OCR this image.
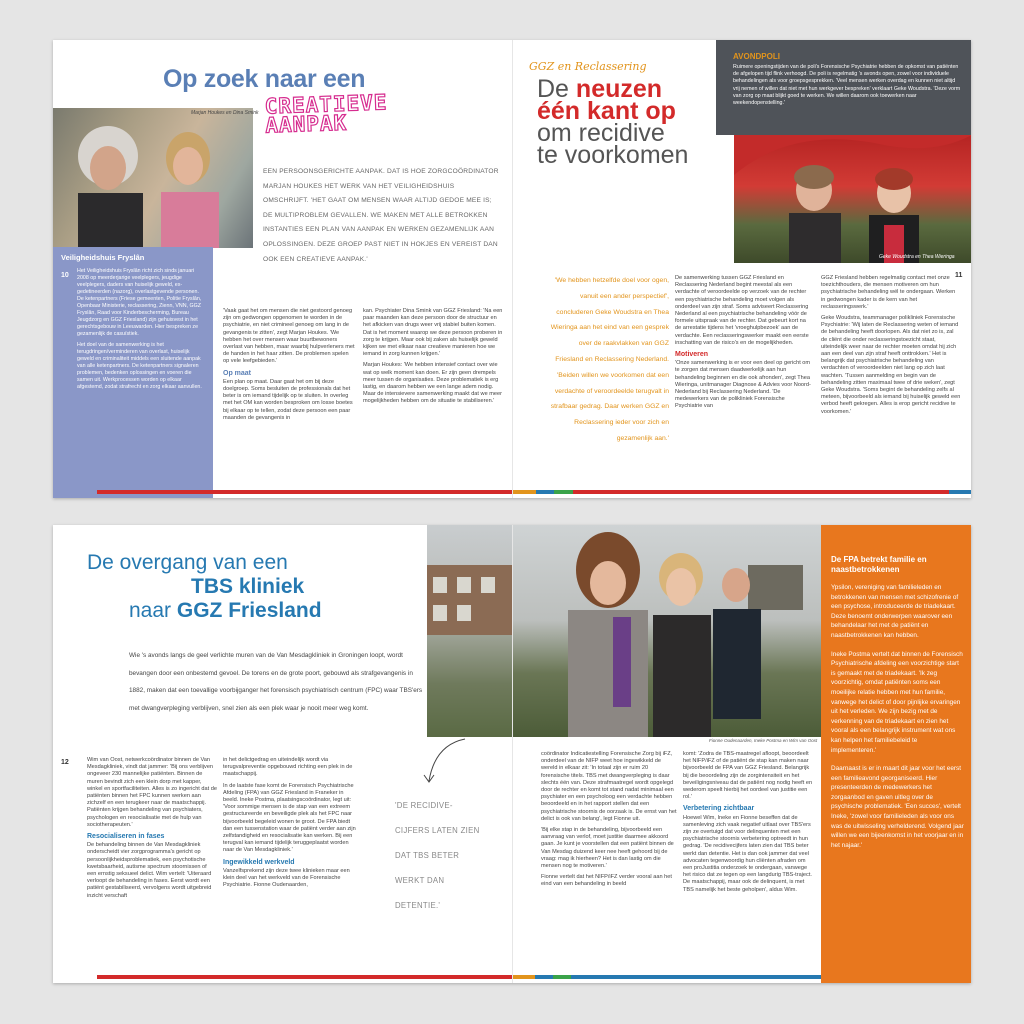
Op zoek naar een
CREATIEVE AANPAK
Marjan Houkes en Dina Smink
Veiligheidshuis Fryslân

Het Veiligheidshuis Fryslân richt zich sinds januari 2008 op meerderjarige veelplegers, jeugdige veelplegers, daders van huiselijk geweld, ex-gedetineerden (nazorg), overlastgevende personen. De ketenpartners (Friese gemeenten, Politie Fryslân, Openbaar Ministerie, reclassering, Zienn, VNN, GGZ Fryslân, Raad voor Kinderbescherming, Bureau Jeugdzorg en GGZ Friesland) zijn gehuisvest in het gerechtsgebouw in Leeuwarden. Hier bespreken ze gezamenlijk de casuïstiek.

Het doel van de samenwerking is het terugdringen/verminderen van overlast, huiselijk geweld en criminaliteit middels een sluitende aanpak van alle ketenpartners. De ketenpartners signaleren problemen, bedenken oplossingen en voeren die samen uit. Werkprocessen worden op elkaar afgestemd, zodat strafrecht en zorg elkaar aanvullen.

10
EEN PERSOONSGERICHTE AANPAK. DAT IS HOE ZORGCOÖRDINATOR MARJAN HOUKES HET WERK VAN HET VEILIGHEIDSHUIS OMSCHRIJFT. 'HET GAAT OM MENSEN WAAR ALTIJD GEDOE MEE IS; DE MULTIPROBLEM GEVALLEN. WE MAKEN MET ALLE BETROKKEN INSTANTIES EEN PLAN VAN AANPAK EN WERKEN GEZAMENLIJK AAN OPLOSSINGEN. DEZE GROEP PAST NIET IN HOKJES EN VEREIST DAN OOK EEN CREATIEVE AANPAK.'

'Vaak gaat het om mensen die niet gestoord genoeg zijn om gedwongen opgenomen te worden in de psychiatrie, en niet crimineel genoeg om lang in de gevangenis te zitten', zegt Marjan Houkes. 'We hebben het over mensen waar buurtbewoners overlast van hebben, maar waarbij hulpverleners met de handen in het haar zitten. De problemen spelen op vele leefgebieden.'

Op maat

Een plan op maat. Daar gaat het om bij deze doelgroep. Soms besluiten de professionals dat het beter is om iemand tijdelijk op te sluiten. In overleg met het OM kan worden besproken om losse boetes bij elkaar op te tellen, zodat deze persoon een paar maanden de gevangenis in

kan. Psychiater Dina Smink van GGZ Friesland: 'Na een paar maanden kan deze persoon door de structuur en het afkicken van drugs weer vrij stabiel buiten komen. Dat is het moment waarop we deze persoon proberen in zorg te krijgen. Maar ook bij zaken als huiselijk geweld kijken we met elkaar naar creatieve manieren hoe we iemand in zorg kunnen krijgen.'

Marjan Houkes: 'We hebben intensief contact over wie wat op welk moment kan doen. Er zijn geen drempels meer tussen de organisaties. Deze problematiek is erg lastig, en daarom hebben we een lange adem nodig. Maar de intensievere samenwerking maakt dat we meer mogelijkheden hebben om de situatie te stabiliseren.'

GGZ en Reclassering
De neuzen
één kant op
om recidive
te voorkomen
AVONDPOLI
Ruimere openingstijden van de poli's Forensische Psychiatrie hebben de opkomst van patiënten de afgelopen tijd flink verhoogd. De poli is regelmatig 's avonds open, zowel voor individuele behandelingen als voor groepsgesprekken. 'Veel mensen werken overdag en kunnen niet altijd vrij nemen of willen dat niet met hun werkgever bespreken' verklaart Geke Woudstra. 'Deze vorm van zorg op maat blijkt goed te werken. We willen daarom ook toewerken naar weekendopenstelling.'
Geke Woudstra en Thea Wieringa
11
'We hebben hetzelfde doel voor ogen, vanuit een ander perspectief', concluderen Geke Woudstra en Thea Wieringa aan het eind van een gesprek over de raakvlakken van GGZ Friesland en Reclassering Nederland. 'Beiden willen we voorkomen dat een verdachte of veroordeelde terugvalt in strafbaar gedrag. Daar werken GGZ en Reclassering ieder voor zich en gezamenlijk aan.'

De samenwerking tussen GGZ Friesland en Reclassering Nederland begint meestal als een verdachte of veroordeelde op verzoek van de rechter een psychiatrische behandeling moet volgen als onderdeel van zijn straf. Soms adviseert Reclassering Nederland al een psychiatrische behandeling vóór de formele uitspraak van de rechter. Dat gebeurt kort na de arrestatie tijdens het 'vroeghulpbezoek' aan de verdachte. Een reclasseringswerker maakt een eerste inschatting van de risico's en de mogelijkheden.

Motiveren

'Onze samenwerking is er voor een deel op gericht om te zorgen dat mensen daadwerkelijk aan hun behandeling beginnen en die ook afronden', zegt Thea Wieringa, unitmanager Diagnose & Advies voor Noord-Nederland bij Reclassering Nederland. 'De medewerkers van de polikliniek Forensische Psychiatrie van

GGZ Friesland hebben regelmatig contact met onze toezichthouders, die mensen motiveren om hun psychiatrische behandeling wél te ondergaan. Werken in gedwongen kader is de kern van het reclasseringswerk.'

Geke Woudstra, teammanager polikliniek Forensische Psychiatrie: 'Wij laten de Reclassering weten of iemand de behandeling heeft doorlopen. Als dat niet zo is, zal de cliënt die onder reclasseringstoezicht staat, uiteindelijk weer naar de rechter moeten omdat hij zich aan een deel van zijn straf heeft onttrokken.' Het is belangrijk dat psychiatrische behandeling van verdachten of veroordeelden niet lang op zich laat wachten. 'Tussen aanmelding en begin van de behandeling zitten maximaal twee of drie weken', zegt Geke Woudstra. 'Soms begint de behandeling zelfs al meteen, bijvoorbeeld als iemand bij huiselijk geweld een verbod heeft gekregen. Alles is erop gericht recidive te voorkomen.'

De overgang van een
TBS kliniek
naar GGZ Friesland
Wie 's avonds langs de geel verlichte muren van de Van Mesdagkliniek in Groningen loopt, wordt bevangen door een onbestemd gevoel. De torens en de grote poort, gebouwd als strafgevangenis in 1882, maken dat een toevallige voorbijganger het forensisch psychiatrisch centrum (FPC) waar TBS'ers met dwangverpleging verblijven, snel zien als een plek waar je nooit meer weg komt.
12	Wim van Oost, netwerkcoördinator binnen de Van Mesdagkliniek, vindt dat jammer: 'Bij ons verblijven ongeveer 230 mannelijke patiënten. Binnen de muren bevindt zich een klein dorp met kapper, winkel en sportfaciliteiten. Alles is zo ingericht dat de patiënten binnen het FPC kunnen werken aan zichzelf en een terugkeer naar de maatschappij. Patiënten krijgen behandeling van psychiaters, psychologen en resocialisatie met de hulp van sociotherapeuten.'

Resocialiseren in fases

De behandeling binnen de Van Mesdagkliniek onderscheidt vier zorgprogramma's gericht op persoonlijkheidsproblematiek, een psychotische kwetsbaarheid, autisme spectrum stoornissen of een ernstig seksueel delict. Wim vertelt: 'Uiteraard verloopt de behandeling in fases. Eerst wordt een patiënt gestabiliseerd, vervolgens wordt uitgebreid inzicht verschaft

in het delictgedrag en uiteindelijk wordt via terugvalpreventie opgebouwd richting een plek in de maatschappij.

In de laatste fase komt de Forensisch Psychiatrische Afdeling (FPA) van GGZ Friesland in Franeker in beeld. Ineke Postma, plaatsingscoördinator, legt uit: 'Voor sommige mensen is de stap van een extreem gestructureerde en beveiligde plek als het FPC naar bijvoorbeeld begeleid wonen te groot. De FPA biedt dan een tussenstation waar de patiënt verder aan zijn zelfstandigheid en resocialisatie kan werken. Bij een terugval kan iemand tijdelijk teruggeplaatst worden naar de Van Mesdagkliniek.'

Ingewikkeld werkveld

Vanzelfsprekend zijn deze twee klinieken maar een klein deel van het werkveld van de Forensische Psychiatrie. Fionne Oudenaarden,

'DE RECIDIVE-CIJFERS LATEN ZIEN DAT TBS BETER WERKT DAN DETENTIE.'
Fionne Oudenaarden, Ineke Postma en Wim van Oost

coördinator Indicatiestelling Forensische Zorg bij iFZ, onderdeel van de NIFP weet hoe ingewikkeld de wereld in elkaar zit: 'In totaal zijn er ruim 20 forensische titels. TBS met dwangverpleging is daar slechts één van. Deze strafmaatregel wordt opgelegd door de rechter en komt tot stand nadat minimaal een psychiater en een psycholoog een verdachte hebben beoordeeld en in het rapport stellen dat een psychiatrische stoornis de oorzaak is. De ernst van het delict is ook van belang', legt Fionne uit.

'Bij elke stap in de behandeling, bijvoorbeeld een aanvraag van verlof, moet justitie daarmee akkoord gaan. Je kunt je voorstellen dat een patiënt binnen de Van Mesdag duizend keer nee heeft gehoord bij de vraag: mag ik hierheen? Het is dan lastig om die mensen nog te motiveren.'

Fionne vertelt dat het NIFP/iFZ verder vooral aan het eind van een behandeling in beeld

komt: 'Zodra de TBS-maatregel afloopt, beoordeelt het NIFP/iFZ of de patiënt de stap kan maken naar bijvoorbeeld de FPA van GGZ Friesland. Belangrijk bij die beoordeling zijn de zorgintensiteit en het beveiligingsniveau dat de patiënt nog nodig heeft en wederom speelt hierbij het oordeel van justitie een rol.'

Verbetering zichtbaar

Hoewel Wim, Ineke en Fionne beseffen dat de samenleving zich vaak negatief uitlaat over TBS'ers zijn ze overtuigd dat voor delinquenten met een psychiatrische stoornis verbetering optreedt in hun gedrag. 'De recidivecijfers laten zien dat TBS beter werkt dan detentie. Het is dan ook jammer dat veel advocaten tegenwoordig hun cliënten afraden om een proJustitia onderzoek te ondergaan, vanwege het risico dat ze tegen op een langdurig TBS-traject. De maatschappij, maar ook de delinquent, is met TBS namelijk het beste geholpen', aldus Wim.

De FPA betrekt familie en naastbetrokkenen

Ypsilon, vereniging van familieleden en betrokkenen van mensen met schizofrenie of een psychose, introduceerde de triadekaart. Deze benoemt onderwerpen waarover een behandelaar het met de patiënt en naastbetrokkenen kan hebben.

Ineke Postma vertelt dat binnen de Forensisch Psychiatrische afdeling een voorzichtige start is gemaakt met de triadekaart. 'Ik zeg voorzichtig, omdat patiënten soms een moeilijke relatie hebben met hun familie, vanwege het delict of door pijnlijke ervaringen uit het verleden. We zijn bezig met de verkenning van de triadekaart en zien het vooral als een belangrijk instrument wat ons kan helpen het familiebeleid te implementeren.'

Daarnaast is er in maart dit jaar voor het eerst een familieavond georganiseerd. Hier presenteerden de medewerkers het zorgaanbod en gaven uitleg over de psychische problematiek. 'Een succes', vertelt Ineke, 'zowel voor familieleden als voor ons was de uitwisseling verhelderend. Volgend jaar willen we een bijeenkomst in het voorjaar en in het najaar.'
